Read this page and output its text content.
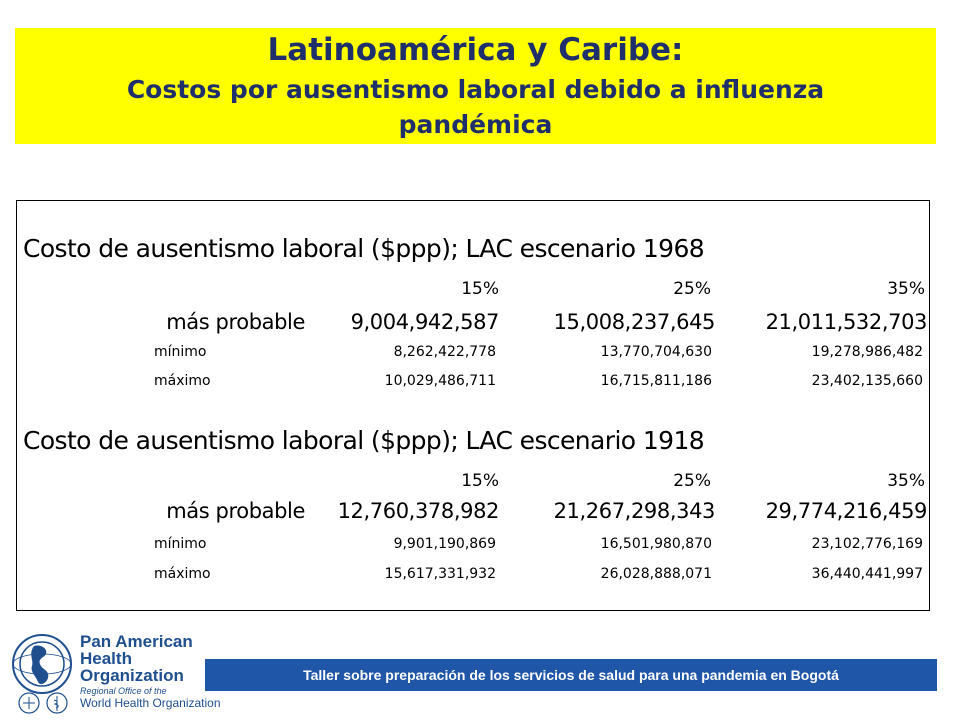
Latinoamérica y Caribe:
Costos por ausentismo laboral debido a influenza pandémica
Costo de ausentismo laboral ($ppp); LAC escenario 1968
15%	25%	35%
más probable 9,004,942,587	15,008,237,645 21,011,532,703
mínimo	8,262,422,778	13,770,704,630	19,278,986,482
máximo	10,029,486,711	16,715,811,186	23,402,135,660
Costo de ausentismo laboral ($ppp); LAC escenario 1918
15%	25%	35%
más probable 12,760,378,982	21,267,298,343 29,774,216,459
mínimo	9,901,190,869	16,501,980,870	23,102,776,169
máximo	15,617,331,932	26,028,888,071	36,440,441,997
Pan American
Health
Organization
Regional Office of the
World Health Organization
Taller sobre preparación de los servicios de salud para una pandemia en Bogotá
